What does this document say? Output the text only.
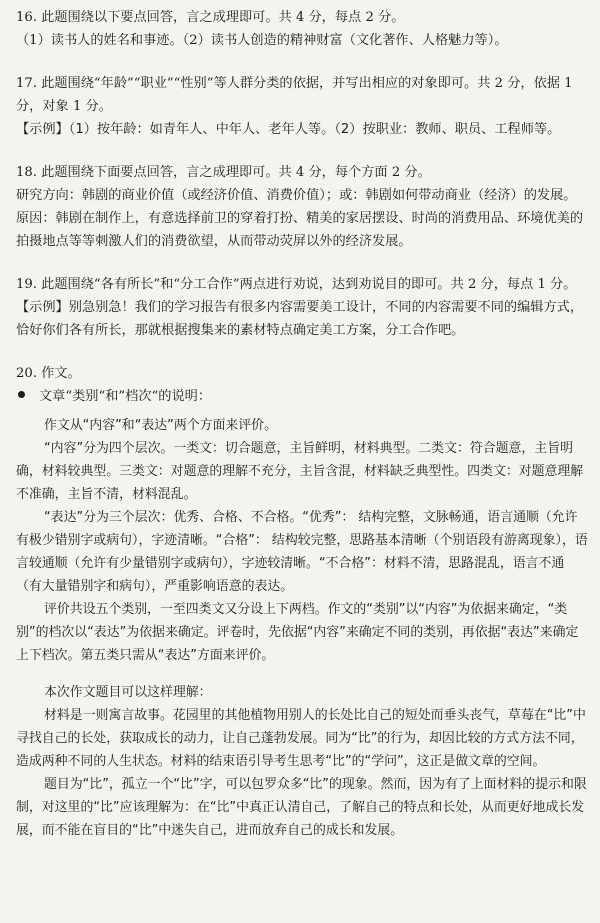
16. 此题围绕以下要点回答，言之成理即可。共 4 分，每点 2 分。

（1）读书人的姓名和事迹。（2）读书人创造的精神财富（文化著作、人格魅力等）。

17. 此题围绕“年龄”“职业”“性别”等人群分类的依据，并写出相应的对象即可。共 2 分，依据 1 分，对象 1 分。

【示例】（1）按年龄：如青年人、中年人、老年人等。（2）按职业：教师、职员、工程师等。

18. 此题围绕下面要点回答，言之成理即可。共 4 分，每个方面 2 分。

研究方向：韩剧的商业价值（或经济价值、消费价值）；或：韩剧如何带动商业（经济）的发展。

原因：韩剧在制作上，有意选择前卫的穿着打扮、精美的家居摆设、时尚的消费用品、环境优美的拍摄地点等等刺激人们的消费欲望，从而带动荧屏以外的经济发展。

19. 此题围绕“各有所长”和“分工合作”两点进行劝说，达到劝说目的即可。共 2 分，每点 1 分。

【示例】别急别急！我们的学习报告有很多内容需要美工设计，不同的内容需要不同的编辑方式，恰好你们各有所长，那就根据搜集来的素材特点确定美工方案，分工合作吧。

20. 作文。

文章“类别“和”档次“的说明：

作文从“内容”和“表达”两个方面来评价。

“内容”分为四个层次。一类文：切合题意，主旨鲜明，材料典型。二类文：符合题意，主旨明确，材料较典型。三类文：对题意的理解不充分，主旨含混，材料缺乏典型性。四类文：对题意理解不准确，主旨不清，材料混乱。

“表达”分为三个层次：优秀、合格、不合格。“优秀”： 结构完整，文脉畅通，语言通顺（允许有极少错别字或病句），字迹清晰。“合格”： 结构较完整，思路基本清晰（个别语段有游离现象），语言较通顺（允许有少量错别字或病句），字迹较清晰。“不合格”：材料不清，思路混乱，语言不通（有大量错别字和病句），严重影响语意的表达。

评价共设五个类别，一至四类文又分设上下两档。作文的“类别”以“内容”为依据来确定，“类别”的档次以“表达”为依据来确定。评卷时，先依据“内容”来确定不同的类别，再依据“表达”来确定上下档次。第五类只需从“表达”方面来评价。

本次作文题目可以这样理解：

材料是一则寓言故事。花园里的其他植物用别人的长处比自己的短处而垂头丧气，草莓在“比”中寻找自己的长处，获取成长的动力，让自己蓬勃发展。同为“比”的行为，却因比较的方式方法不同，造成两种不同的人生状态。材料的结束语引导考生思考“比”的“学问”，这正是做文章的空间。

题目为“比”，孤立一个“比”字，可以包罗众多“比”的现象。然而，因为有了上面材料的提示和限制，对这里的“比”应该理解为：在“比”中真正认清自己，了解自己的特点和长处，从而更好地成长发展，而不能在盲目的“比”中迷失自己，进而放弃自己的成长和发展。
